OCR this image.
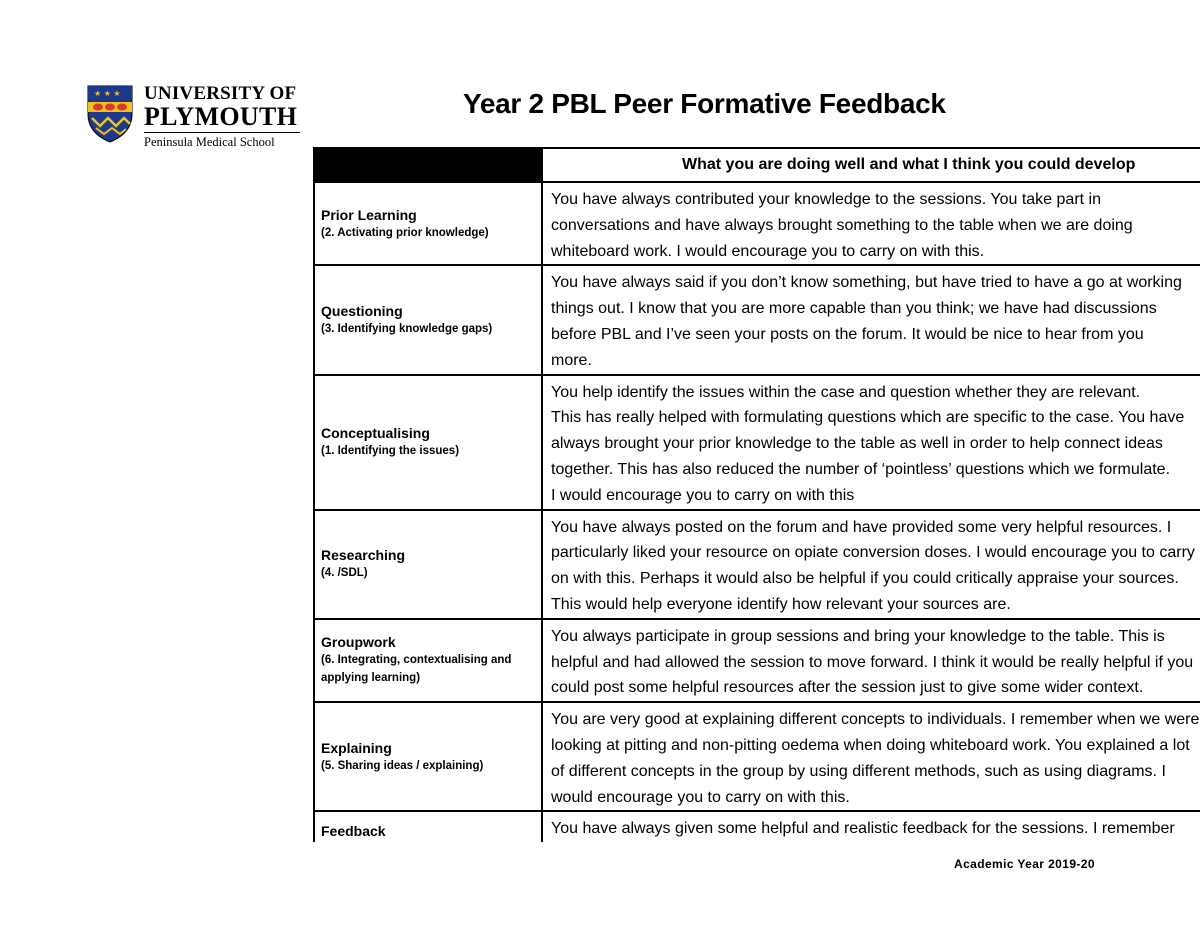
★ ★ ★ UNIVERSITY OF
PLYMOUTH
Peninsula Medical School
Year 2 PBL Peer Formative Feedback

	What you are doing well and what I think you could develop

Prior Learning
(2. Activating prior knowledge)	You have always contributed your knowledge to the sessions. You take part in
conversations and have always brought something to the table when we are doing
whiteboard work. I would encourage you to carry on with this.

Questioning
(3. Identifying knowledge gaps)	You have always said if you don’t know something, but have tried to have a go at working
things out. I know that you are more capable than you think; we have had discussions
before PBL and I’ve seen your posts on the forum. It would be nice to hear from you
more.

Conceptualising
(1. Identifying the issues)	You help identify the issues within the case and question whether they are relevant.
This has really helped with formulating questions which are specific to the case. You have
always brought your prior knowledge to the table as well in order to help connect ideas
together. This has also reduced the number of ‘pointless’ questions which we formulate.
I would encourage you to carry on with this

Researching
(4. /SDL)	You have always posted on the forum and have provided some very helpful resources. I
particularly liked your resource on opiate conversion doses. I would encourage you to carry
on with this. Perhaps it would also be helpful if you could critically appraise your sources.
This would help everyone identify how relevant your sources are.

Groupwork
(6. Integrating, contextualising and applying learning)	You always participate in group sessions and bring your knowledge to the table. This is
helpful and had allowed the session to move forward. I think it would be really helpful if you
could post some helpful resources after the session just to give some wider context.

Explaining
(5. Sharing ideas / explaining)	You are very good at explaining different concepts to individuals. I remember when we were
looking at pitting and non-pitting oedema when doing whiteboard work. You explained a lot
of different concepts in the group by using different methods, such as using diagrams. I
would encourage you to carry on with this.

Feedback	You have always given some helpful and realistic feedback for the sessions. I remember
Academic Year 2019-20
